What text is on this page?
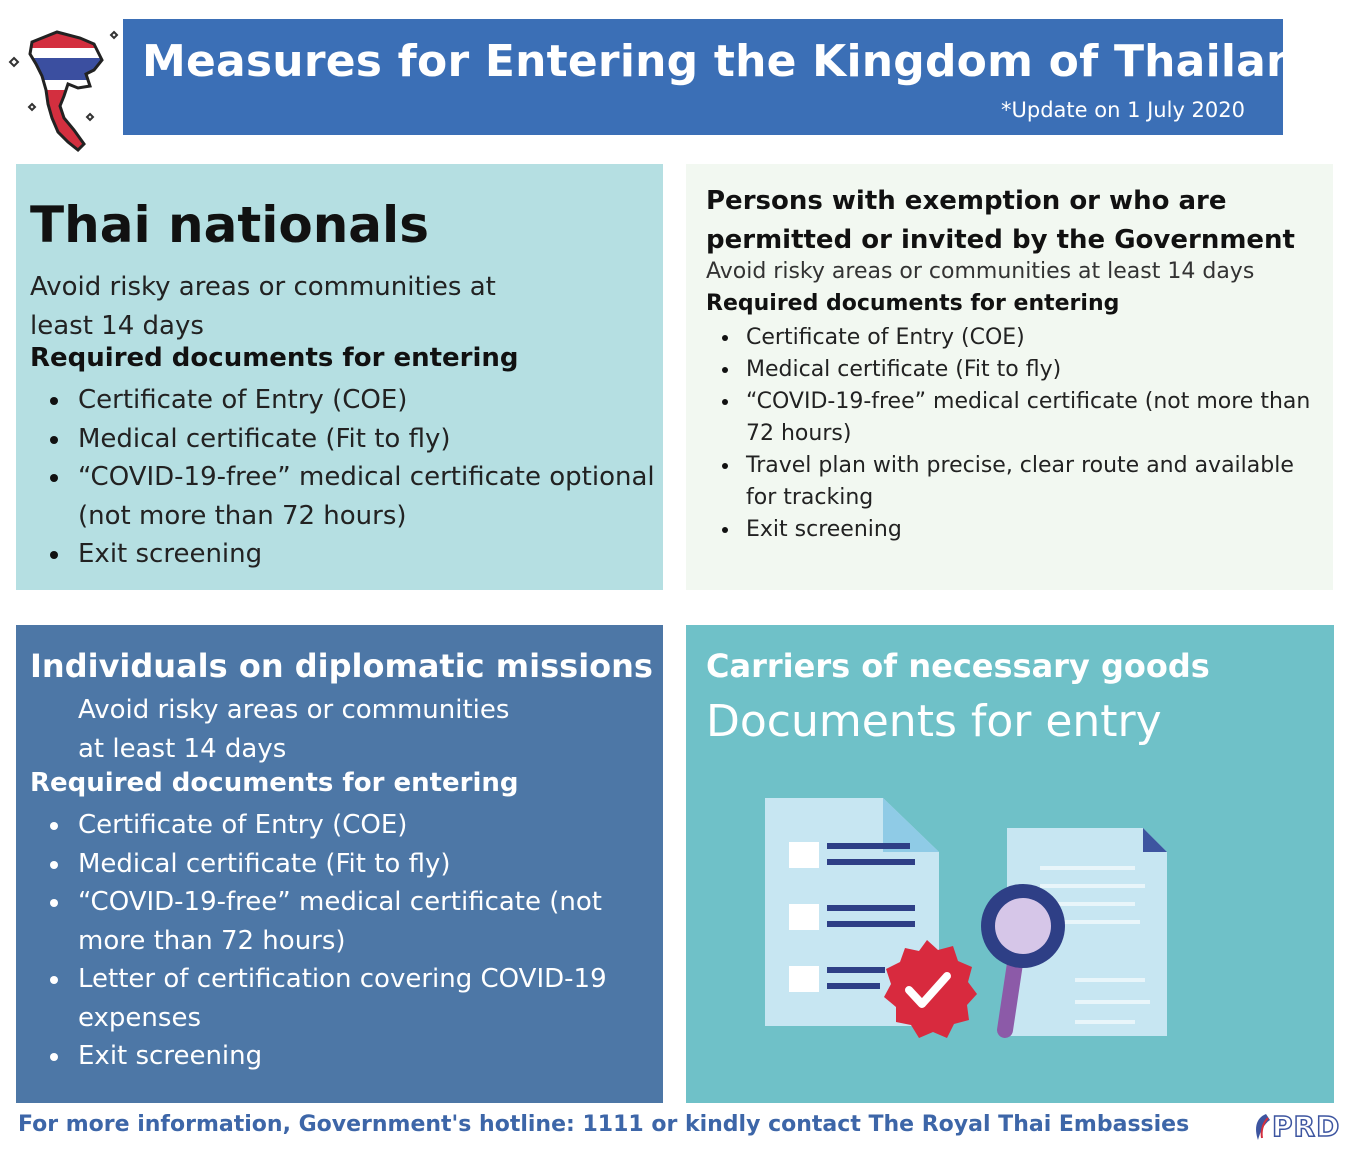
Measures for Entering the Kingdom of Thailand
*Update on 1 July 2020
Thai nationals
Avoid risky areas or communities at least 14 days
Required documents for entering
Certificate of Entry (COE)
Medical certificate (Fit to fly)
“COVID-19-free” medical certificate optional (not more than 72 hours)
Exit screening
Persons with exemption or who are permitted or invited by the Government
Avoid risky areas or communities at least 14 days
Required documents for entering
Certificate of Entry (COE)
Medical certificate (Fit to fly)
“COVID-19-free” medical certificate (not more than 72 hours)
Travel plan with precise, clear route and available for tracking
Exit screening
Individuals on diplomatic missions
Avoid risky areas or communities at least 14 days
Required documents for entering
Certificate of Entry (COE)
Medical certificate (Fit to fly)
“COVID-19-free” medical certificate (not more than 72 hours)
Letter of certification covering COVID-19 expenses
Exit screening
Carriers of necessary goods
Documents for entry
For more information, Government's hotline: 1111 or kindly contact The Royal Thai Embassies	PRD
